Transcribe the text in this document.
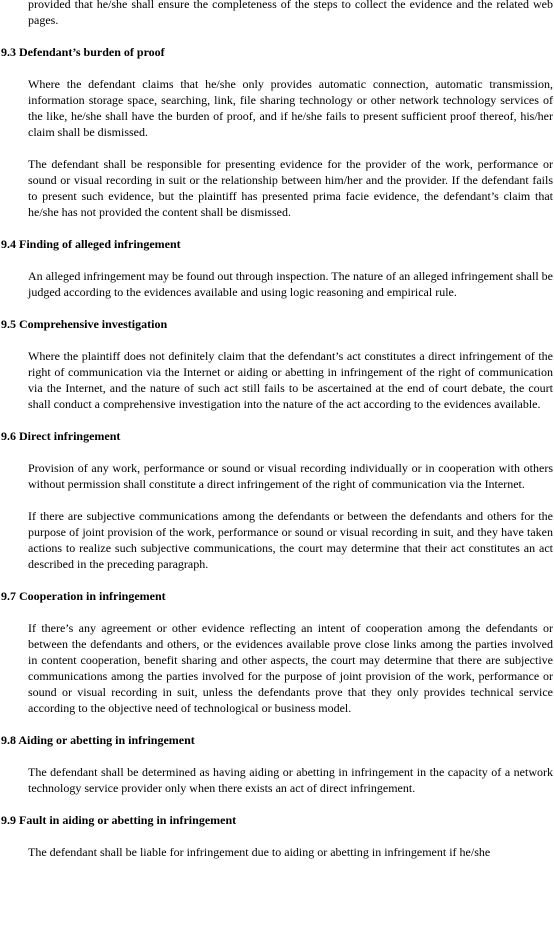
provided that he/she shall ensure the completeness of the steps to collect the evidence and the related web pages.

9.3 Defendant’s burden of proof

Where the defendant claims that he/she only provides automatic connection, automatic transmission, information storage space, searching, link, file sharing technology or other network technology services of the like, he/she shall have the burden of proof, and if he/she fails to present sufficient proof thereof, his/her claim shall be dismissed.

The defendant shall be responsible for presenting evidence for the provider of the work, performance or sound or visual recording in suit or the relationship between him/her and the provider. If the defendant fails to present such evidence, but the plaintiff has presented prima facie evidence, the defendant’s claim that he/she has not provided the content shall be dismissed.

9.4 Finding of alleged infringement

An alleged infringement may be found out through inspection. The nature of an alleged infringement shall be judged according to the evidences available and using logic reasoning and empirical rule.

9.5 Comprehensive investigation

Where the plaintiff does not definitely claim that the defendant’s act constitutes a direct infringement of the right of communication via the Internet or aiding or abetting in infringement of the right of communication via the Internet, and the nature of such act still fails to be ascertained at the end of court debate, the court shall conduct a comprehensive investigation into the nature of the act according to the evidences available.

9.6 Direct infringement

Provision of any work, performance or sound or visual recording individually or in cooperation with others without permission shall constitute a direct infringement of the right of communication via the Internet.

If there are subjective communications among the defendants or between the defendants and others for the purpose of joint provision of the work, performance or sound or visual recording in suit, and they have taken actions to realize such subjective communications, the court may determine that their act constitutes an act described in the preceding paragraph.

9.7 Cooperation in infringement

If there’s any agreement or other evidence reflecting an intent of cooperation among the defendants or between the defendants and others, or the evidences available prove close links among the parties involved in content cooperation, benefit sharing and other aspects, the court may determine that there are subjective communications among the parties involved for the purpose of joint provision of the work, performance or sound or visual recording in suit, unless the defendants prove that they only provides technical service according to the objective need of technological or business model.

9.8 Aiding or abetting in infringement

The defendant shall be determined as having aiding or abetting in infringement in the capacity of a network technology service provider only when there exists an act of direct infringement.

9.9 Fault in aiding or abetting in infringement

The defendant shall be liable for infringement due to aiding or abetting in infringement if he/she
